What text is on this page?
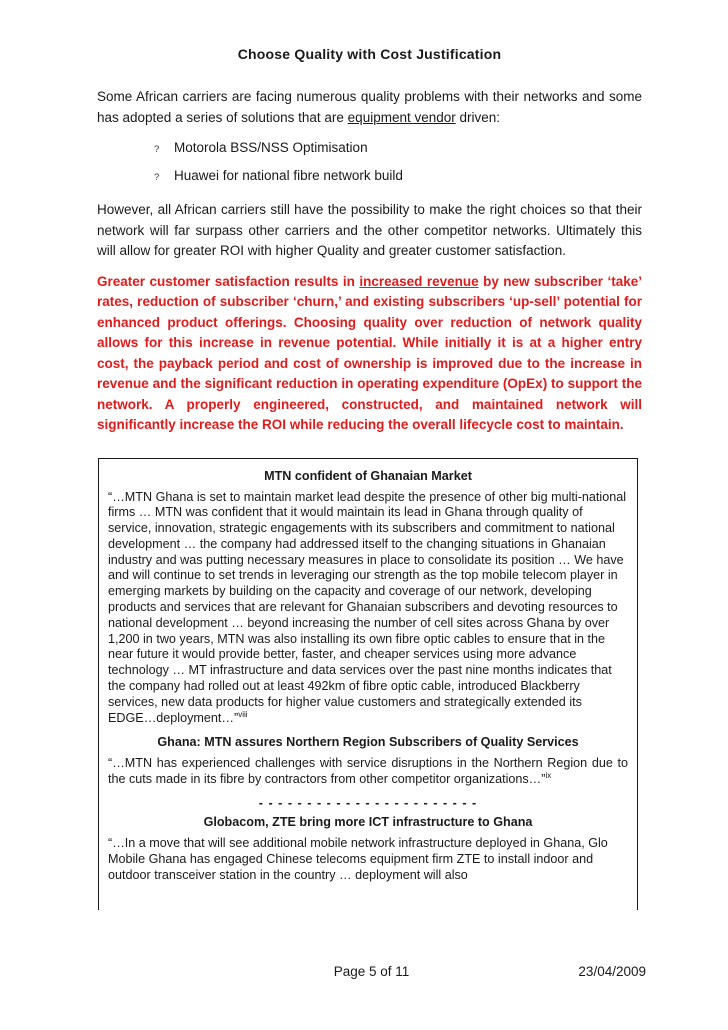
Choose Quality with Cost Justification

Some African carriers are facing numerous quality problems with their networks and some has adopted a series of solutions that are equipment vendor driven:

?	Motorola BSS/NSS Optimisation
?	Huawei for national fibre network build

However, all African carriers still have the possibility to make the right choices so that their network will far surpass other carriers and the other competitor networks. Ultimately this will allow for greater ROI with higher Quality and greater customer satisfaction.

Greater customer satisfaction results in increased revenue by new subscriber ‘take’ rates, reduction of subscriber ‘churn,’ and existing subscribers ‘up-sell’ potential for enhanced product offerings. Choosing quality over reduction of network quality allows for this increase in revenue potential. While initially it is at a higher entry cost, the payback period and cost of ownership is improved due to the increase in revenue and the significant reduction in operating expenditure (OpEx) to support the network. A properly engineered, constructed, and maintained network will significantly increase the ROI while reducing the overall lifecycle cost to maintain.

MTN confident of Ghanaian Market

“…MTN Ghana is set to maintain market lead despite the presence of other big multi-national firms … MTN was confident that it would maintain its lead in Ghana through quality of service, innovation, strategic engagements with its subscribers and commitment to national development … the company had addressed itself to the changing situations in Ghanaian industry and was putting necessary measures in place to consolidate its position … We have and will continue to set trends in leveraging our strength as the top mobile telecom player in emerging markets by building on the capacity and coverage of our network, developing products and services that are relevant for Ghanaian subscribers and devoting resources to national development … beyond increasing the number of cell sites across Ghana by over 1,200 in two years, MTN was also installing its own fibre optic cables to ensure that in the near future it would provide better, faster, and cheaper services using more advance technology … MT infrastructure and data services over the past nine months indicates that the company had rolled out at least 492km of fibre optic cable, introduced Blackberry services, new data products for higher value customers and strategically extended its EDGE…deployment…”$^{viii}$

Ghana: MTN assures Northern Region Subscribers of Quality Services

“…MTN has experienced challenges with service disruptions in the Northern Region due to the cuts made in its fibre by contractors from other competitor organizations…”$^{ix}$

- - - - - - - - - - - - - - - - - - - - - - -
Globacom, ZTE bring more ICT infrastructure to Ghana

“…In a move that will see additional mobile network infrastructure deployed in Ghana, Glo Mobile Ghana has engaged Chinese telecoms equipment firm ZTE to install indoor and outdoor transceiver station in the country … deployment will also

Page 5 of 11	23/04/2009
